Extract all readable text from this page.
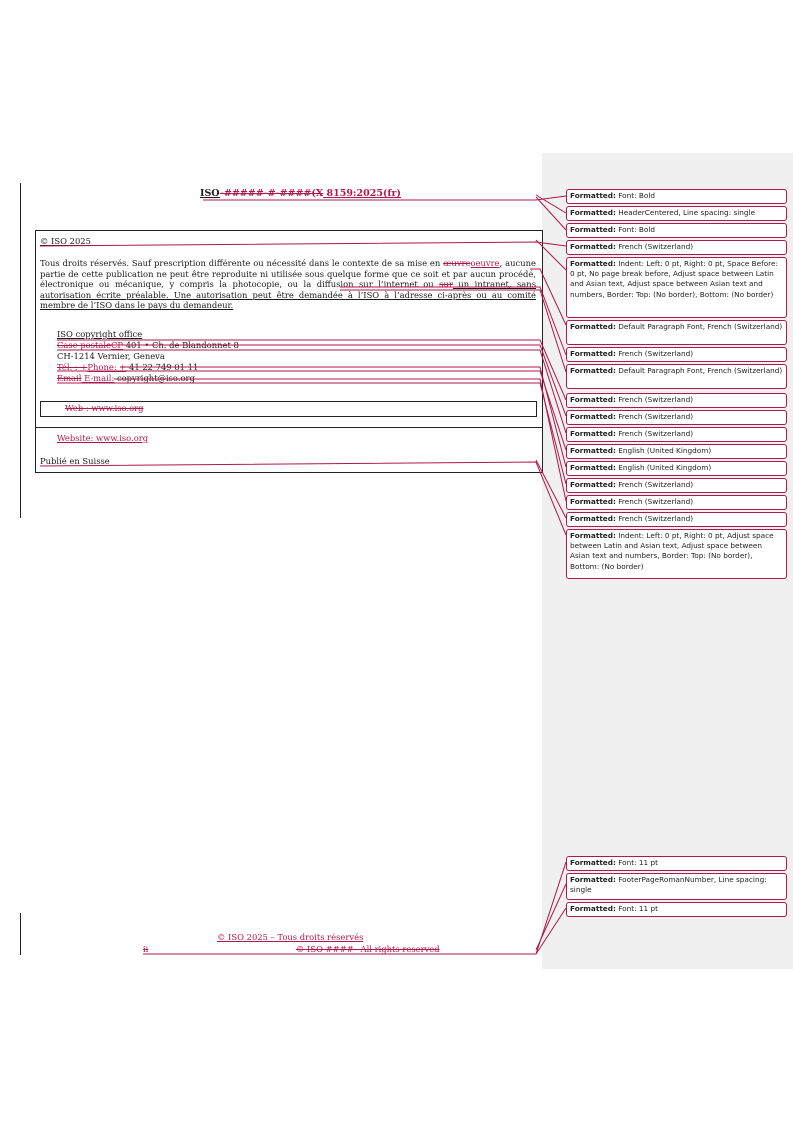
ISO-#####-#-####(X 8159:2025(fr)
© ISO 2025
Tous droits réservés. Sauf prescription différente ou nécessité dans le contexte de sa mise en œuvreoeuvre, aucune partie de cette publication ne peut être reproduite ni utilisée sous quelque forme que ce soit et par aucun procédé, électronique ou mécanique, y compris la photocopie, ou la diffusion sur l’internet ou sur un intranet, sans autorisation écrite préalable. Une autorisation peut être demandée à l’ISO à l’adresse ci-après ou au comité membre de l’ISO dans le pays du demandeur.
ISO copyright office
Case postaleCP 401 • Ch. de Blandonnet 8
CH-1214 Vernier, Geneva
Tél. : +Phone: + 41 22 749 01 11
Email E-mail: copyright@iso.org
Web : www.iso.org
Website: www.iso.org
Publié en Suisse
© ISO 2025 – Tous droits réservés
ii	© ISO ####– All rights reserved
Formatted: Font: Bold
Formatted: HeaderCentered, Line spacing: single
Formatted: Font: Bold
Formatted: French (Switzerland)
Formatted: Indent: Left: 0 pt, Right: 0 pt, Space Before: 0 pt, No page break before, Adjust space between Latin and Asian text, Adjust space between Asian text and numbers, Border: Top: (No border), Bottom: (No border)
Formatted: Default Paragraph Font, French (Switzerland)
Formatted: French (Switzerland)
Formatted: Default Paragraph Font, French (Switzerland)
Formatted: French (Switzerland)
Formatted: French (Switzerland)
Formatted: French (Switzerland)
Formatted: English (United Kingdom)
Formatted: English (United Kingdom)
Formatted: French (Switzerland)
Formatted: French (Switzerland)
Formatted: French (Switzerland)
Formatted: Indent: Left: 0 pt, Right: 0 pt, Adjust space between Latin and Asian text, Adjust space between Asian text and numbers, Border: Top: (No border), Bottom: (No border)
Formatted: Font: 11 pt
Formatted: FooterPageRomanNumber, Line spacing: single
Formatted: Font: 11 pt
